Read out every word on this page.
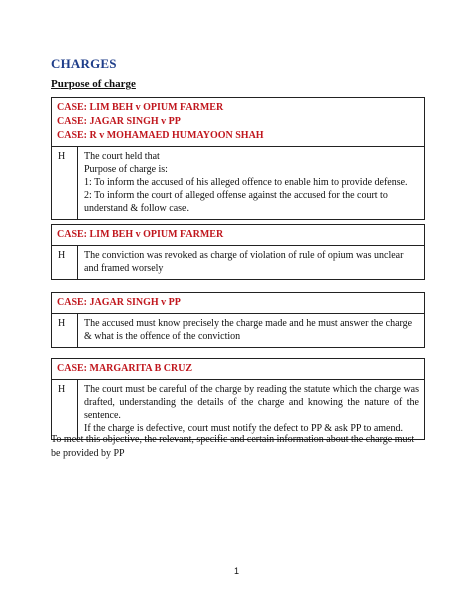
CHARGES
Purpose of charge
CASE: LIM BEH v OPIUM FARMER
CASE: JAGAR SINGH v PP
CASE: R v MOHAMAED HUMAYOON SHAH
H	The court held that

Purpose of charge is:

1: To inform the accused of his alleged offence to enable him to provide defense.

2: To inform the court of alleged offense against the accused for the court to understand & follow case.

CASE: LIM BEH v OPIUM FARMER
H	The conviction was revoked as charge of violation of rule of opium was unclear and framed worsely

CASE: JAGAR SINGH v PP
H	The accused must know precisely the charge made and he must answer the charge & what is the offence of the conviction

CASE: MARGARITA B CRUZ
H	The court must be careful of the charge by reading the statute which the charge was drafted, understanding the details of the charge and knowing the nature of the sentence.

If the charge is defective, court must notify the defect to PP & ask PP to amend.

To meet this objective, the relevant, specific and certain information about the charge must be provided by PP
1
